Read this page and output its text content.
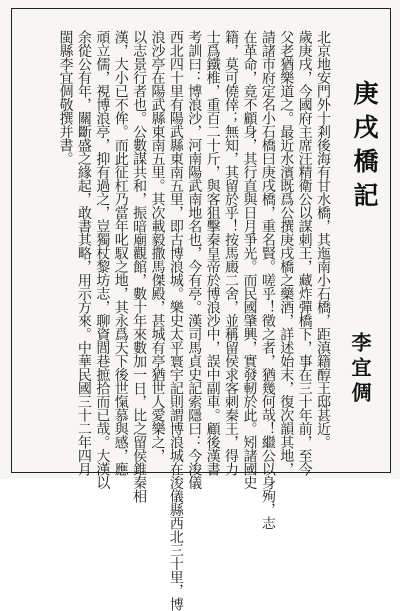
庚戌橋記
李宜倜
北京地安門外十剎後海有甘水橋，其迤南小石橋，距滇籍醇王邸甚近。
歲庚戌，今國府主席汪精衛公以謀刺王，藏炸彈橋下，事在三十年前，至今
父老猶樂道之。最近水濱既爲公撰庚戌橋之藥酒，詳述始末，復次韻其地，
請諸市府定名小石橋曰庚戌橋，重名賢。嗟乎！徵之者，猶幾何哉！繼公以身殉，志
在革命，竟不顧身，其行直與日月爭光。而民國肇興，實發軔於此。矧諸國史
籍，莫可僥倖；無知，其留於乎！按馬廄二舍，並稱留侯求客刺秦王，得力
士爲鐵椎，重百二十斤，與客狙擊秦皇帝於博浪沙中，誤中副車。顧後漢書
考訓曰：博浪沙，河南陽武南地名也，今有亭。漢司馬貞史記索隱曰：今浚儀
西北四十里有陽武縣東南五里，即古博浪城。樂史太平寰宇記則謂博浪城在浚儀縣西北三十里，博
浪沙亭在陽武縣東南五里。其次載毅撒馬傑殿，甚城有亭猶世人愛樂之，
以志景行者也。公數謀共和，振暗廟觀館，數十年來數加一日，比之留侯錐秦相
漢，大小已不侔。而此征杠乃當年叱馭之地，其永爲天下後世愾慕與感，應
頑立儒，視博浪亭，抑有過之，豈獨杖黎坊志，聊資閭巷摭拾而已哉。大漢以
余從公有年，關斷盛之緣起，敢書其略，用示方來。中華民國三十二年四月
閩縣李宜倜敬撰并書。
